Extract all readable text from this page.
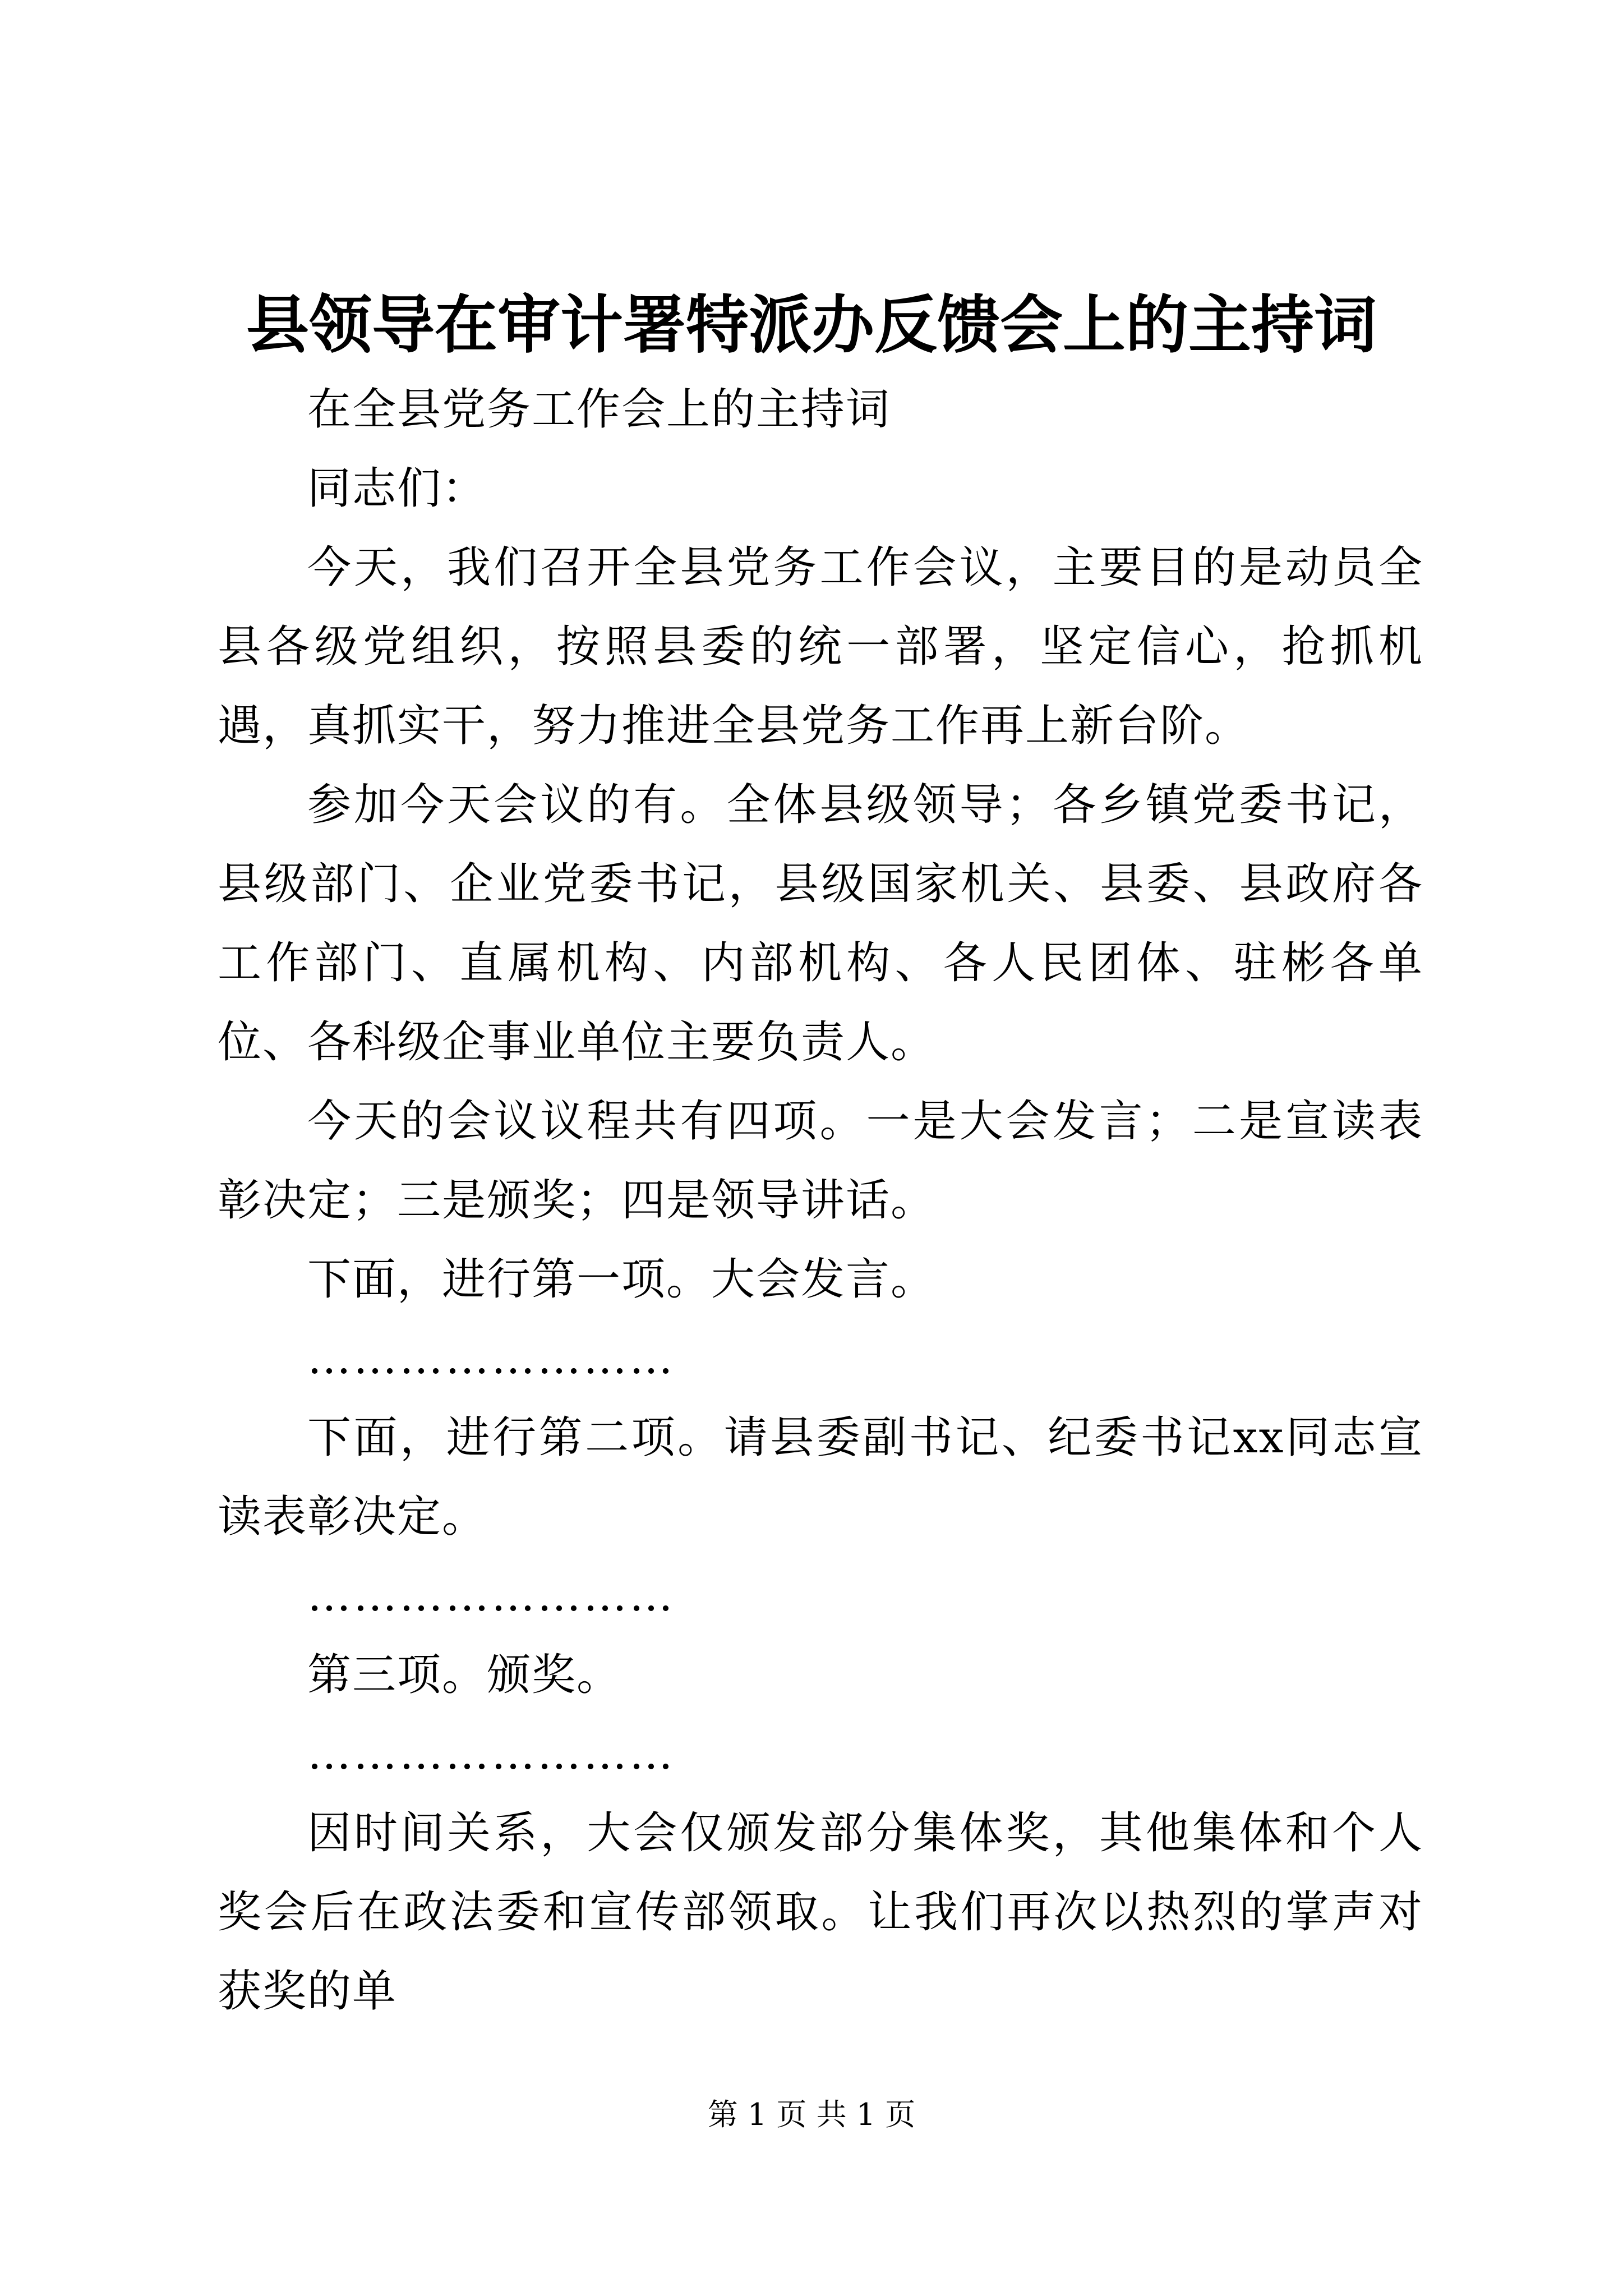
县领导在审计署特派办反馈会上的主持词

在全县党务工作会上的主持词

同志们：

今天，我们召开全县党务工作会议，主要目的是动员全县各级党组织，按照县委的统一部署，坚定信心，抢抓机遇，真抓实干，努力推进全县党务工作再上新台阶。

参加今天会议的有。全体县级领导；各乡镇党委书记，县级部门、企业党委书记，县级国家机关、县委、县政府各工作部门、直属机构、内部机构、各人民团体、驻彬各单位、各科级企事业单位主要负责人。

今天的会议议程共有四项。一是大会发言；二是宣读表彰决定；三是颁奖；四是领导讲话。

下面，进行第一项。大会发言。

……………………

下面，进行第二项。请县委副书记、纪委书记xx同志宣读表彰决定。

……………………

第三项。颁奖。

……………………

因时间关系，大会仅颁发部分集体奖，其他集体和个人奖会后在政法委和宣传部领取。让我们再次以热烈的掌声对获奖的单

第 1 页 共 1 页
